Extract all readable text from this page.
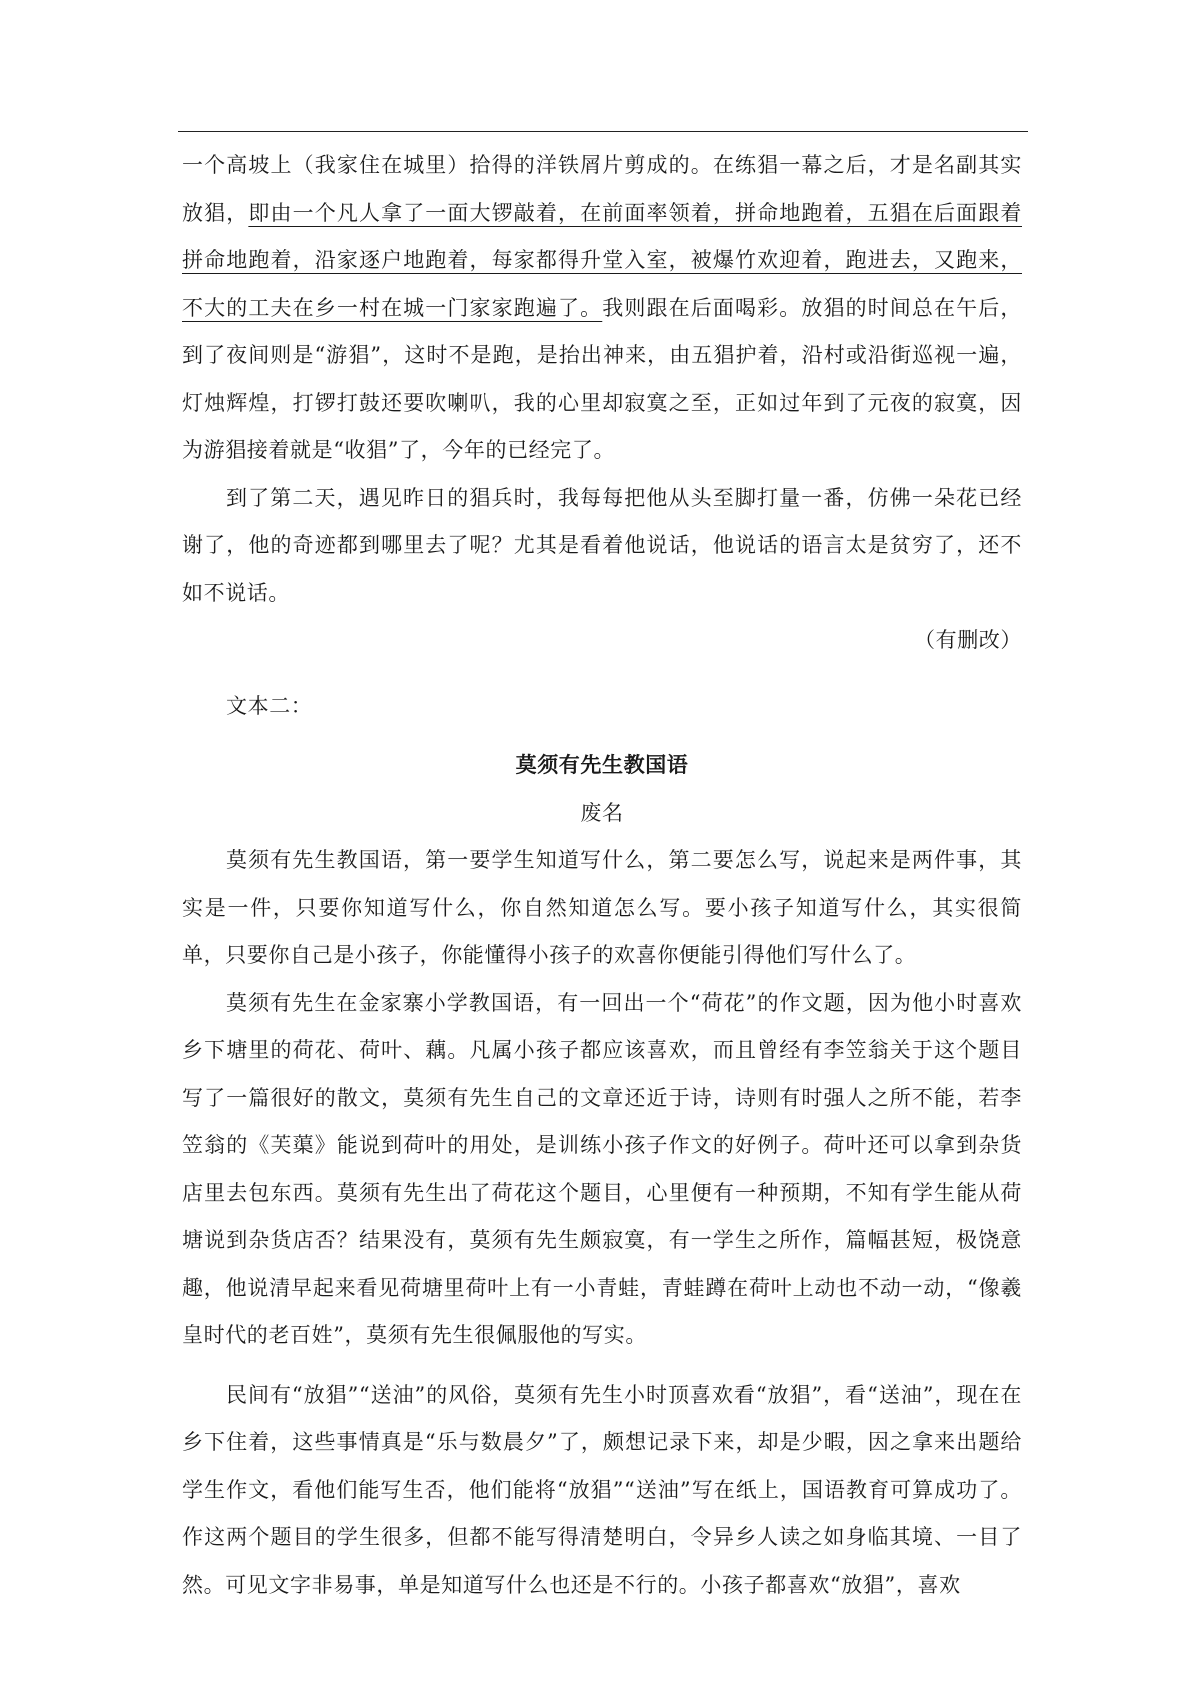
一个高坡上（我家住在城里）拾得的洋铁屑片剪成的。在练猖一幕之后，才是名副其实放猖，即由一个凡人拿了一面大锣敲着，在前面率领着，拼命地跑着，五猖在后面跟着拼命地跑着，沿家逐户地跑着，每家都得升堂入室，被爆竹欢迎着，跑进去，又跑来，不大的工夫在乡一村在城一门家家跑遍了。我则跟在后面喝彩。放猖的时间总在午后，到了夜间则是“游猖”，这时不是跑，是抬出神来，由五猖护着，沿村或沿街巡视一遍，灯烛辉煌，打锣打鼓还要吹喇叭，我的心里却寂寞之至，正如过年到了元夜的寂寞，因为游猖接着就是“收猖”了，今年的已经完了。

到了第二天，遇见昨日的猖兵时，我每每把他从头至脚打量一番，仿佛一朵花已经谢了，他的奇迹都到哪里去了呢？尤其是看着他说话，他说话的语言太是贫穷了，还不如不说话。

（有删改）

文本二：

莫须有先生教国语

废名

莫须有先生教国语，第一要学生知道写什么，第二要怎么写，说起来是两件事，其实是一件，只要你知道写什么，你自然知道怎么写。要小孩子知道写什么，其实很简单，只要你自己是小孩子，你能懂得小孩子的欢喜你便能引得他们写什么了。

莫须有先生在金家寨小学教国语，有一回出一个“荷花”的作文题，因为他小时喜欢乡下塘里的荷花、荷叶、藕。凡属小孩子都应该喜欢，而且曾经有李笠翁关于这个题目写了一篇很好的散文，莫须有先生自己的文章还近于诗，诗则有时强人之所不能，若李笠翁的《芙蕖》能说到荷叶的用处，是训练小孩子作文的好例子。荷叶还可以拿到杂货店里去包东西。莫须有先生出了荷花这个题目，心里便有一种预期，不知有学生能从荷塘说到杂货店否？结果没有，莫须有先生颇寂寞，有一学生之所作，篇幅甚短，极饶意趣，他说清早起来看见荷塘里荷叶上有一小青蛙，青蛙蹲在荷叶上动也不动一动，“像羲皇时代的老百姓”，莫须有先生很佩服他的写实。

民间有“放猖”“送油”的风俗，莫须有先生小时顶喜欢看“放猖”，看“送油”，现在在乡下住着，这些事情真是“乐与数晨夕”了，颇想记录下来，却是少暇，因之拿来出题给学生作文，看他们能写生否，他们能将“放猖”“送油”写在纸上，国语教育可算成功了。作这两个题目的学生很多，但都不能写得清楚明白，令异乡人读之如身临其境、一目了然。可见文字非易事，单是知道写什么也还是不行的。小孩子都喜欢“放猖”，喜欢
